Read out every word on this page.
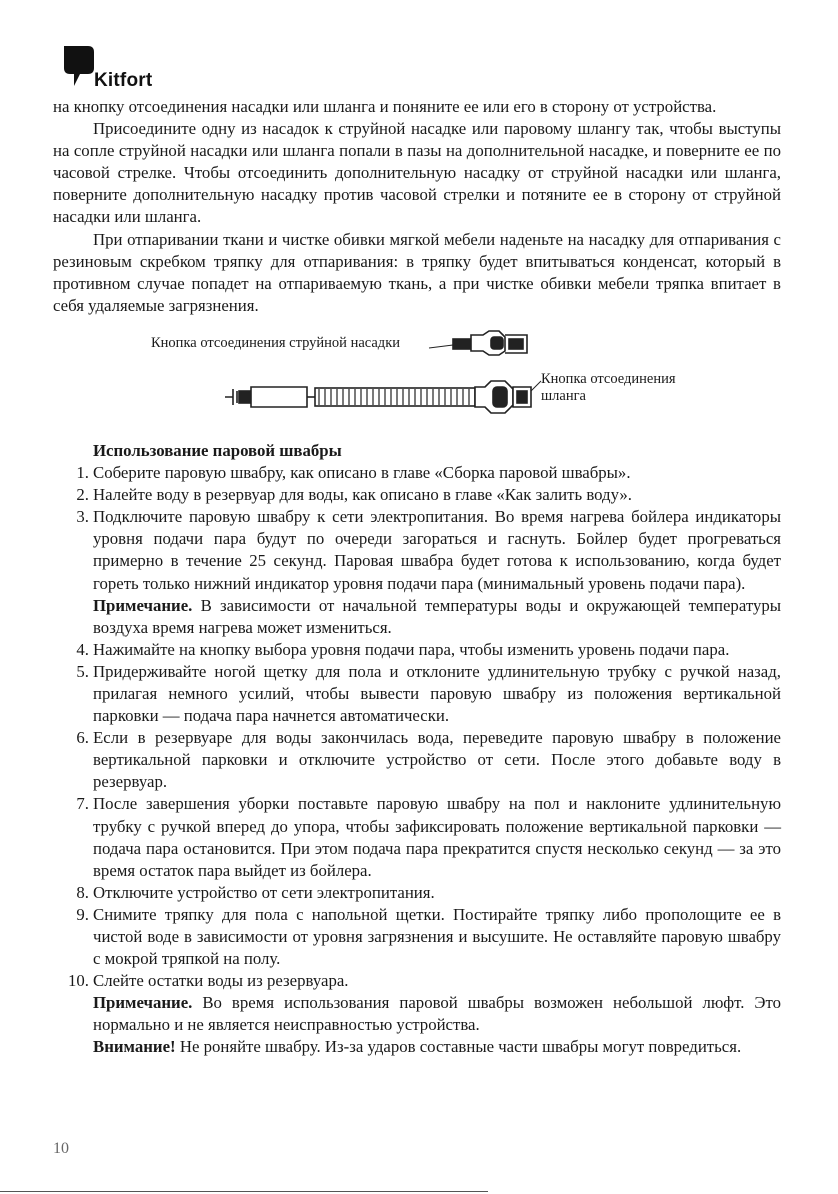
Kitfort

на кнопку отсоединения насадки или шланга и поняните ее или его в сторону от устройства.

Присоедините одну из насадок к струйной насадке или паровому шлангу так, чтобы выступы на сопле струйной насадки или шланга попали в пазы на дополнительной насадке, и поверните ее по часовой стрелке. Чтобы отсоединить дополнительную насадку от струйной насадки или шланга, поверните дополнительную насадку против часовой стрелки и потяните ее в сторону от струйной насадки или шланга.

При отпаривании ткани и чистке обивки мягкой мебели наденьте на насадку для отпаривания с резиновым скребком тряпку для отпаривания: в тряпку будет впитываться конденсат, который в противном случае попадет на отпариваемую ткань, а при чистке обивки мебели тряпка впитает в себя удаляемые загрязнения.

Кнопка отсоединения струйной насадки
Кнопка отсоединения
шланга

Использование паровой швабры

1. Соберите паровую швабру, как описано в главе «Сборка паровой швабры».
2. Налейте воду в резервуар для воды, как описано в главе «Как залить воду».
3. Подключите паровую швабру к сети электропитания. Во время нагрева бойлера индикаторы уровня подачи пара будут по очереди загораться и гаснуть. Бойлер будет прогреваться примерно в течение 25 секунд. Паровая швабра будет готова к использованию, когда будет гореть только нижний индикатор уровня подачи пара (минимальный уровень подачи пара).

Примечание. В зависимости от начальной температуры воды и окружающей температуры воздуха время нагрева может измениться.

4. Нажимайте на кнопку выбора уровня подачи пара, чтобы изменить уровень подачи пара.
5. Придерживайте ногой щетку для пола и отклоните удлинительную трубку с ручкой назад, прилагая немного усилий, чтобы вывести паровую швабру из положения вертикальной парковки — подача пара начнется автоматически.
6. Если в резервуаре для воды закончилась вода, переведите паровую швабру в положение вертикальной парковки и отключите устройство от сети. После этого добавьте воду в резервуар.
7. После завершения уборки поставьте паровую швабру на пол и наклоните удлинительную трубку с ручкой вперед до упора, чтобы зафиксировать положение вертикальной парковки — подача пара остановится. При этом подача пара прекратится спустя несколько секунд — за это время остаток пара выйдет из бойлера.
8. Отключите устройство от сети электропитания.
9. Снимите тряпку для пола с напольной щетки. Постирайте тряпку либо прополощите ее в чистой воде в зависимости от уровня загрязнения и высушите. Не оставляйте паровую швабру с мокрой тряпкой на полу.
10. Слейте остатки воды из резервуара.

Примечание. Во время использования паровой швабры возможен небольшой люфт. Это нормально и не является неисправностью устройства.

Внимание! Не роняйте швабру. Из-за ударов составные части швабры могут повредиться.

10
